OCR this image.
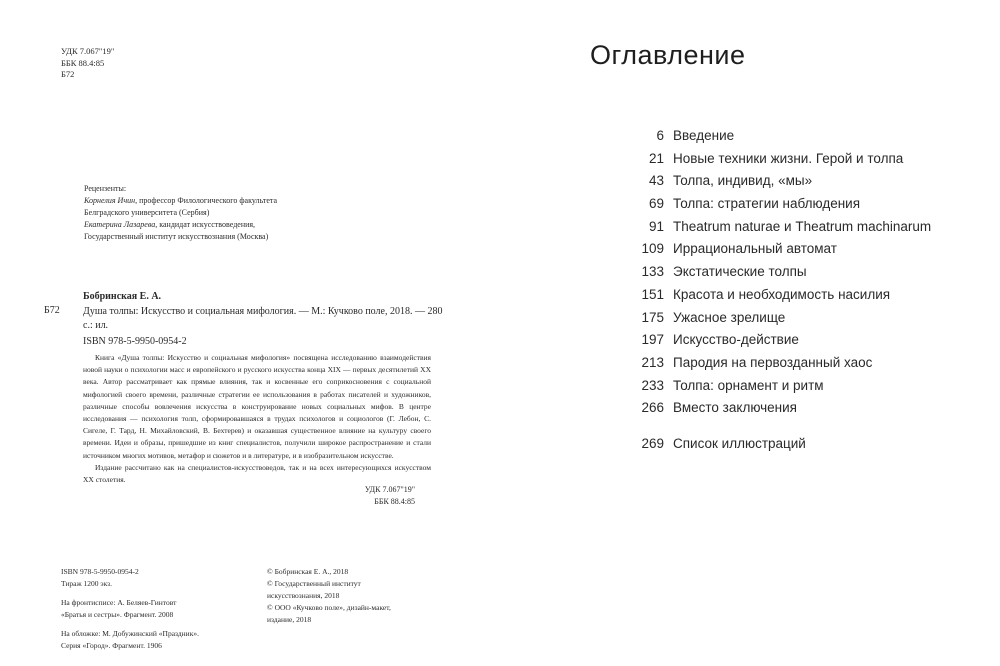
УДК 7.067"19"
ББК 88.4:85
Б72
Рецензенты:
Корнелия Ичин, профессор Филологического факультета
Белградского университета (Сербия)
Екатерина Лазарева, кандидат искусствоведения,
Государственный институт искусствознания (Москва)
Бобринская Е. А.
Б72 Душа толпы: Искусство и социальная мифология. — М.: Кучково поле, 2018. — 280 с.: ил.
ISBN 978-5-9950-0954-2

Книга «Душа толпы: Искусство и социальная мифология» посвящена исследованию взаимодействия новой науки о психологии масс и европейского и русского искусства конца XIX — первых десятилетий XX века. Автор рассматривает как прямые влияния, так и косвенные его соприкосновения с социальной мифологией своего времени, различные стратегии ее использования в работах писателей и художников, различные способы вовлечения искусства в конструирование новых социальных мифов. В центре исследования — психология толп, сформировавшаяся в трудах психологов и социологов (Г. Лебон, С. Сигеле, Г. Тард, Н. Михайловский, В. Бехтерев) и оказавшая существенное влияние на культуру своего времени. Идеи и образы, пришедшие из книг специалистов, получили широкое распространение и стали источником многих мотивов, метафор и сюжетов и в литературе, и в изобразительном искусстве.

Издание рассчитано как на специалистов-искусствоведов, так и на всех интересующихся искусством XX столетия.

УДК 7.067"19"
ББК 88.4:85

ISBN 978-5-9950-0954-2
Тираж 1200 экз.

На фронтисписе: А. Беляев-Гинтовт
«Братья и сестры». Фрагмент. 2008

На обложке: М. Добужинский «Праздник».
Серия «Город». Фрагмент. 1906

© Бобринская Е. А., 2018
© Государственный институт
искусствознания, 2018
© ООО «Кучково поле», дизайн-макет,
издание, 2018
Оглавление
6 Введение
21 Новые техники жизни. Герой и толпа
43 Толпа, индивид, «мы»
69 Толпа: стратегии наблюдения
91 Theatrum naturae и Theatrum machinarum
109 Иррациональный автомат
133 Экстатические толпы
151 Красота и необходимость насилия
175 Ужасное зрелище
197 Искусство-действие
213 Пародия на первозданный хаос
233 Толпа: орнамент и ритм
266 Вместо заключения
269 Список иллюстраций
